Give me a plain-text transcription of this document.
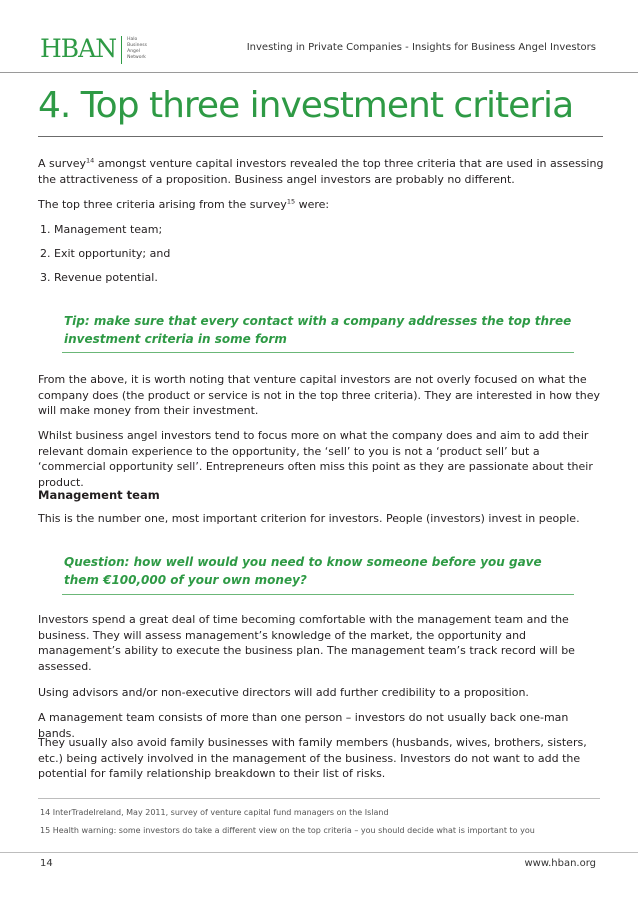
HBAN Halo
Business
Angel
Network
Investing in Private Companies - Insights for Business Angel Investors
4. Top three investment criteria

A survey$^{14}$ amongst venture capital investors revealed the top three criteria that are used in assessing the attractiveness of a proposition. Business angel investors are probably no different.

The top three criteria arising from the survey$^{15}$ were:

1. Management team;
2. Exit opportunity; and
3. Revenue potential.
Tip: make sure that every contact with a company addresses the top three investment criteria in some form

From the above, it is worth noting that venture capital investors are not overly focused on what the company does (the product or service is not in the top three criteria). They are interested in how they will make money from their investment.

Whilst business angel investors tend to focus more on what the company does and aim to add their relevant domain experience to the opportunity, the ‘sell’ to you is not a ‘product sell’ but a ‘commercial opportunity sell’. Entrepreneurs often miss this point as they are passionate about their product.

Management team

This is the number one, most important criterion for investors. People (investors) invest in people.

Question: how well would you need to know someone before you gave them €100,000 of your own money?

Investors spend a great deal of time becoming comfortable with the management team and the business. They will assess management’s knowledge of the market, the opportunity and management’s ability to execute the business plan. The management team’s track record will be assessed.

Using advisors and/or non-executive directors will add further credibility to a proposition.

A management team consists of more than one person – investors do not usually back one-man bands.

They usually also avoid family businesses with family members (husbands, wives, brothers, sisters, etc.) being actively involved in the management of the business. Investors do not want to add the potential for family relationship breakdown to their list of risks.

14 InterTradeIreland, May 2011, survey of venture capital fund managers on the Island
15 Health warning: some investors do take a different view on the top criteria – you should decide what is important to you
14	www.hban.org
